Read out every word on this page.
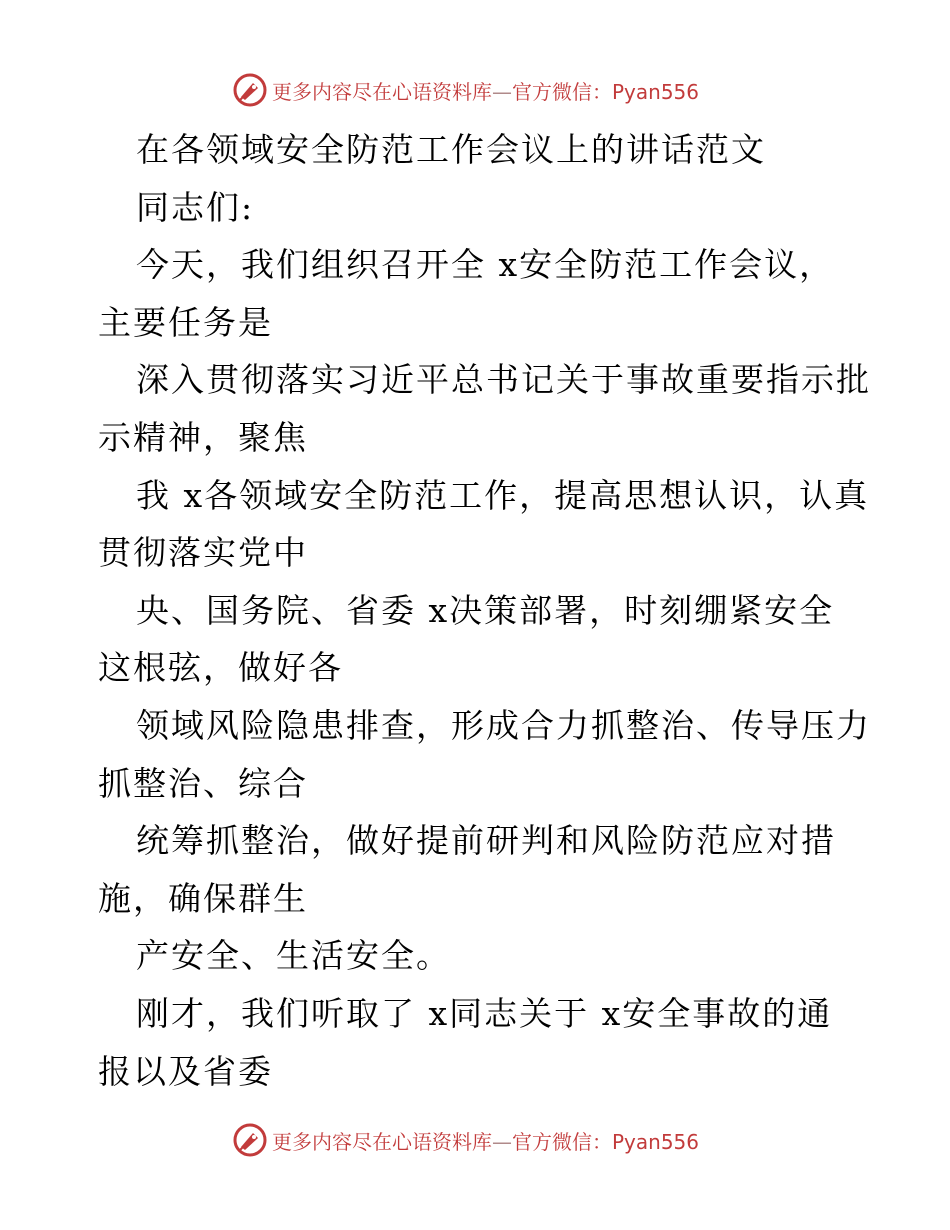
更多内容尽在心语资料库—官方微信：Pyan556
在各领域安全防范工作会议上的讲话范文
同志们:
今天，我们组织召开全 x安全防范工作会议，
主要任务是
深入贯彻落实习近平总书记关于事故重要指示批
示精神，聚焦
我 x各领域安全防范工作，提高思想认识，认真
贯彻落实党中
央、国务院、省委 x决策部署，时刻绷紧安全
这根弦，做好各
领域风险隐患排查，形成合力抓整治、传导压力
抓整治、综合
统筹抓整治，做好提前研判和风险防范应对措
施，确保群生
产安全、生活安全。
刚才，我们听取了 x同志关于 x安全事故的通
报以及省委
更多内容尽在心语资料库—官方微信：Pyan556
